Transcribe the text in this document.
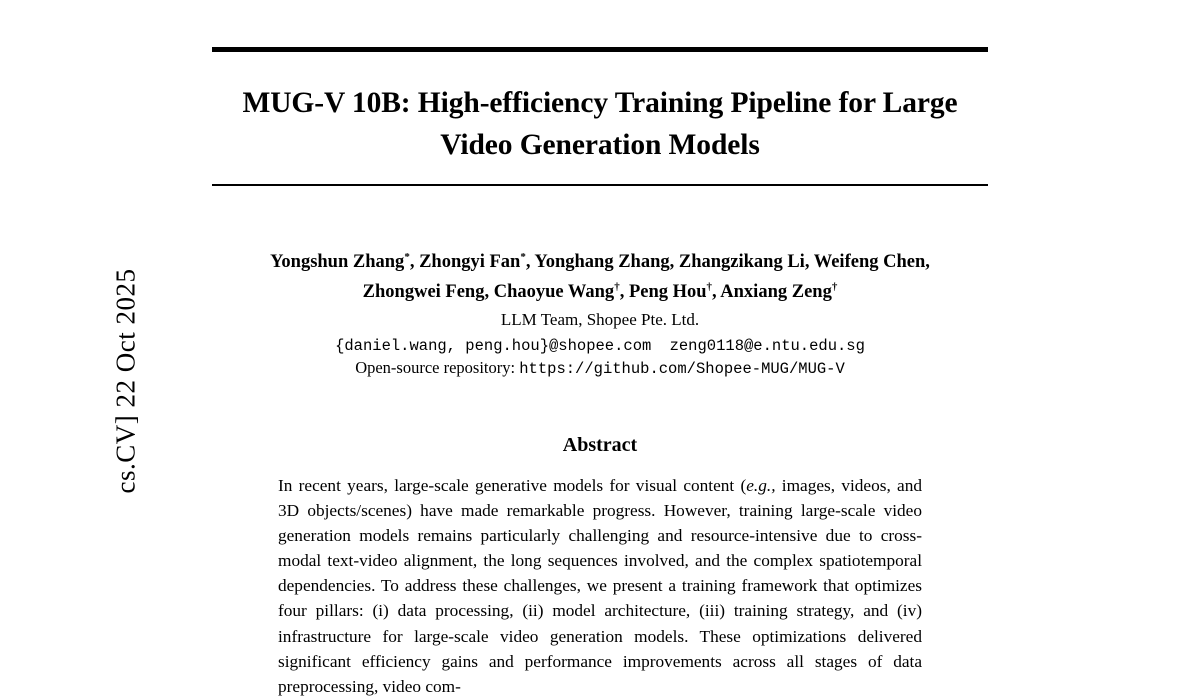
cs.CV] 22 Oct 2025
MUG-V 10B: High-efficiency Training Pipeline for Large Video Generation Models
Yongshun Zhang*, Zhongyi Fan*, Yonghang Zhang, Zhangzikang Li, Weifeng Chen,
Zhongwei Feng, Chaoyue Wang†, Peng Hou†, Anxiang Zeng†
LLM Team, Shopee Pte. Ltd.
{daniel.wang, peng.hou}@shopee.com zeng0118@e.ntu.edu.sg
Open-source repository: https://github.com/Shopee-MUG/MUG-V
Abstract

In recent years, large-scale generative models for visual content (e.g., images, videos, and 3D objects/scenes) have made remarkable progress. However, training large-scale video generation models remains particularly challenging and resource-intensive due to cross-modal text-video alignment, the long sequences involved, and the complex spatiotemporal dependencies. To address these challenges, we present a training framework that optimizes four pillars: (i) data processing, (ii) model architecture, (iii) training strategy, and (iv) infrastructure for large-scale video generation models. These optimizations delivered significant efficiency gains and performance improvements across all stages of data preprocessing, video com-
